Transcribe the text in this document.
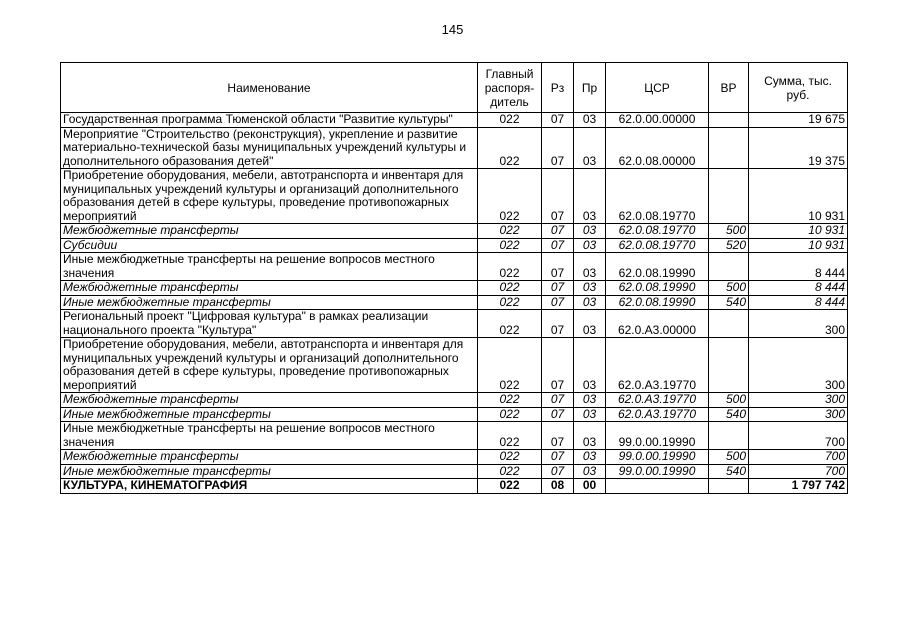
145
Наименование	Главный распоря-дитель	Рз	Пр	ЦСР	ВР	Сумма, тыс. руб.
Государственная программа Тюменской области "Развитие культуры"	022	07	03	62.0.00.00000		19 675
Мероприятие "Строительство (реконструкция), укрепление и развитие материально-технической базы муниципальных учреждений культуры и дополнительного образования детей"	022	07	03	62.0.08.00000		19 375
Приобретение оборудования, мебели, автотранспорта и инвентаря для муниципальных учреждений культуры и организаций дополнительного образования детей в сфере культуры, проведение противопожарных мероприятий	022	07	03	62.0.08.19770		10 931
Межбюджетные трансферты	022	07	03	62.0.08.19770	500	10 931
Субсидии	022	07	03	62.0.08.19770	520	10 931
Иные межбюджетные трансферты на решение вопросов местного значения	022	07	03	62.0.08.19990		8 444
Межбюджетные трансферты	022	07	03	62.0.08.19990	500	8 444
Иные межбюджетные трансферты	022	07	03	62.0.08.19990	540	8 444
Региональный проект "Цифровая культура" в рамках реализации национального проекта "Культура"	022	07	03	62.0.A3.00000		300
Приобретение оборудования, мебели, автотранспорта и инвентаря для муниципальных учреждений культуры и организаций дополнительного образования детей в сфере культуры, проведение противопожарных мероприятий	022	07	03	62.0.A3.19770		300
Межбюджетные трансферты	022	07	03	62.0.A3.19770	500	300
Иные межбюджетные трансферты	022	07	03	62.0.A3.19770	540	300
Иные межбюджетные трансферты на решение вопросов местного значения	022	07	03	99.0.00.19990		700
Межбюджетные трансферты	022	07	03	99.0.00.19990	500	700
Иные межбюджетные трансферты	022	07	03	99.0.00.19990	540	700
КУЛЬТУРА, КИНЕМАТОГРАФИЯ	022	08	00			1 797 742
